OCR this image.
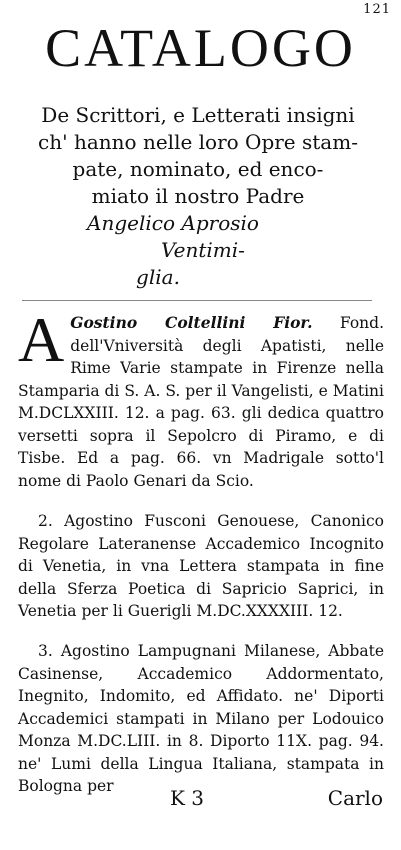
121
CATALOGO
De Scrittori, e Letterati insigni
ch' hanno nelle loro Opre stam-
pate, nominato, ed enco-
miato il nostro Padre
Angelico Aprosio
Ventimi-
glia.
A Gostino Coltellini Fior. Fond. dell'Vniversità degli Apatisti, nelle Rime Varie stampate in Firenze nella Stamparia di S. A. S. per il Vangelisti, e Matini M.DCLXXIII. 12. a pag. 63. gli dedica quattro versetti sopra il Sepolcro di Piramo, e di Tisbe. Ed a pag. 66. vn Madrigale sotto'l nome di Paolo Genari da Scio.
2. Agostino Fusconi Genouese, Canonico Regolare Lateranense Accademico Incognito di Venetia, in vna Lettera stampata in fine della Sferza Poetica di Sapricio Saprici, in Venetia per li Guerigli M.DC.XXXXIII. 12.
3. Agostino Lampugnani Milanese, Abbate Casinense, Accademico Addormentato, Inegnito, Indomito, ed Affidato. ne' Diporti Accademici stampati in Milano per Lodouico Monza M.DC.LIII. in 8. Diporto 11X. pag. 94. ne' Lumi della Lingua Italiana, stampata in Bologna per	K 3	Carlo
